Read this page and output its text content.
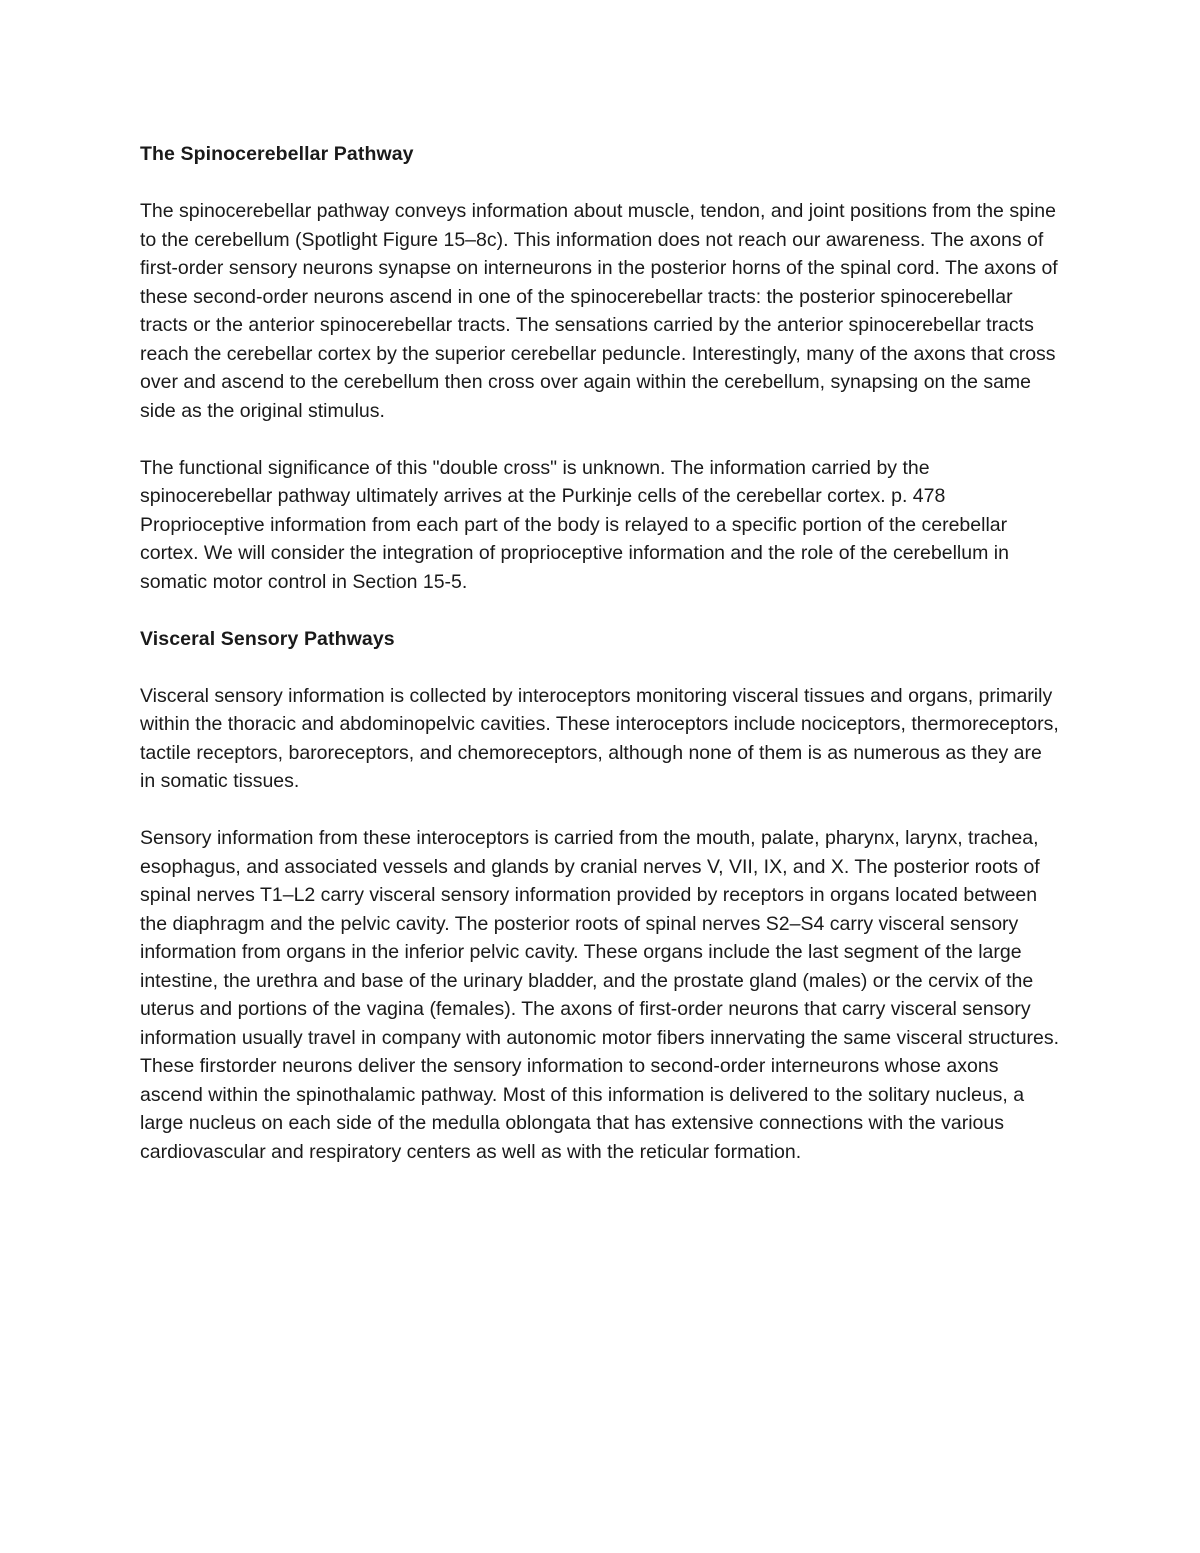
The Spinocerebellar Pathway

The spinocerebellar pathway conveys information about muscle, tendon, and joint positions from the spine to the cerebellum (Spotlight Figure 15–8c). This information does not reach our awareness. The axons of first-order sensory neurons synapse on interneurons in the posterior horns of the spinal cord. The axons of these second-order neurons ascend in one of the spinocerebellar tracts: the posterior spinocerebellar tracts or the anterior spinocerebellar tracts. The sensations carried by the anterior spinocerebellar tracts reach the cerebellar cortex by the superior cerebellar peduncle. Interestingly, many of the axons that cross over and ascend to the cerebellum then cross over again within the cerebellum, synapsing on the same side as the original stimulus.

The functional significance of this "double cross" is unknown. The information carried by the spinocerebellar pathway ultimately arrives at the Purkinje cells of the cerebellar cortex. p. 478 Proprioceptive information from each part of the body is relayed to a specific portion of the cerebellar cortex. We will consider the integration of proprioceptive information and the role of the cerebellum in somatic motor control in Section 15-5.

Visceral Sensory Pathways

Visceral sensory information is collected by interoceptors monitoring visceral tissues and organs, primarily within the thoracic and abdominopelvic cavities. These interoceptors include nociceptors, thermoreceptors, tactile receptors, baroreceptors, and chemoreceptors, although none of them is as numerous as they are in somatic tissues.

Sensory information from these interoceptors is carried from the mouth, palate, pharynx, larynx, trachea, esophagus, and associated vessels and glands by cranial nerves V, VII, IX, and X. The posterior roots of spinal nerves T1–L2 carry visceral sensory information provided by receptors in organs located between the diaphragm and the pelvic cavity. The posterior roots of spinal nerves S2–S4 carry visceral sensory information from organs in the inferior pelvic cavity. These organs include the last segment of the large intestine, the urethra and base of the urinary bladder, and the prostate gland (males) or the cervix of the uterus and portions of the vagina (females). The axons of first-order neurons that carry visceral sensory information usually travel in company with autonomic motor fibers innervating the same visceral structures. These firstorder neurons deliver the sensory information to second-order interneurons whose axons ascend within the spinothalamic pathway. Most of this information is delivered to the solitary nucleus, a large nucleus on each side of the medulla oblongata that has extensive connections with the various cardiovascular and respiratory centers as well as with the reticular formation.
